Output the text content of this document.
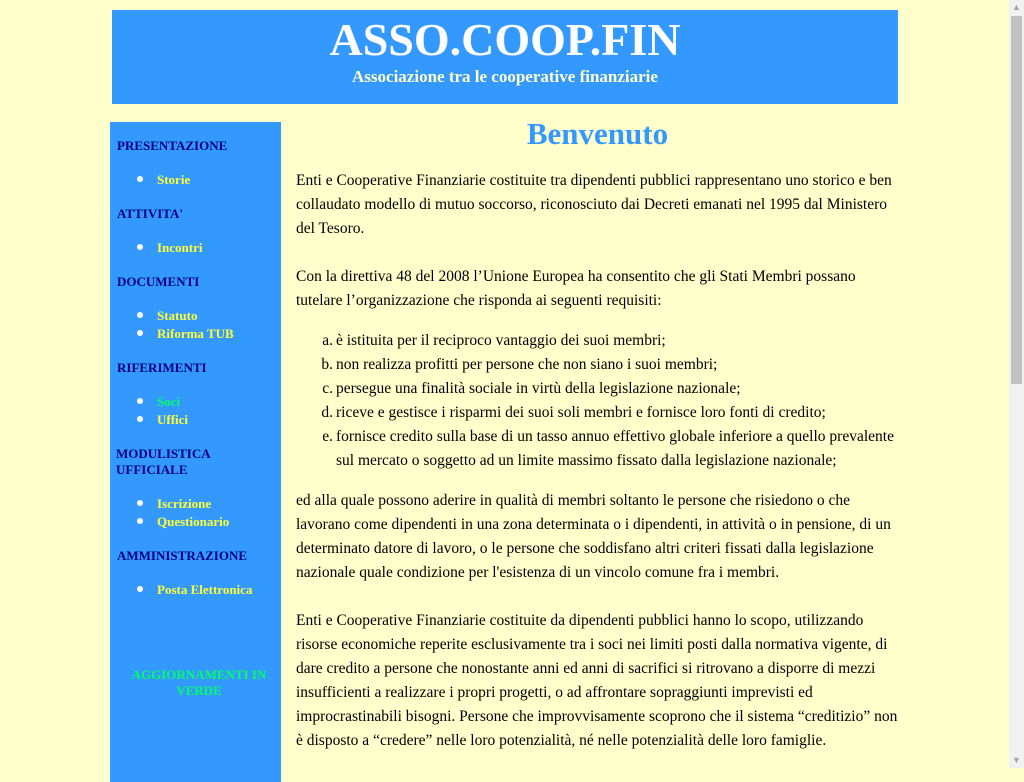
ASSO.COOP.FIN
Associazione tra le cooperative finanziarie
PRESENTAZIONE
Storie
ATTIVITA'
Incontri
DOCUMENTI
Statuto
Riforma TUB
RIFERIMENTI
Soci
Uffici
MODULISTICA UFFICIALE
Iscrizione
Questionario
AMMINISTRAZIONE
Posta Elettronica
AGGIORNAMENTI IN VERDE
Benvenuto

Enti e Cooperative Finanziarie costituite tra dipendenti pubblici rappresentano uno storico e ben collaudato modello di mutuo soccorso, riconosciuto dai Decreti emanati nel 1995 dal Ministero del Tesoro.

Con la direttiva 48 del 2008 l’Unione Europea ha consentito che gli Stati Membri possano tutelare l’organizzazione che risponda ai seguenti requisiti:

a. è istituita per il reciproco vantaggio dei suoi membri;
b. non realizza profitti per persone che non siano i suoi membri;
c. persegue una finalità sociale in virtù della legislazione nazionale;
d. riceve e gestisce i risparmi dei suoi soli membri e fornisce loro fonti di credito;
e. fornisce credito sulla base di un tasso annuo effettivo globale inferiore a quello prevalente sul mercato o soggetto ad un limite massimo fissato dalla legislazione nazionale;

ed alla quale possono aderire in qualità di membri soltanto le persone che risiedono o che lavorano come dipendenti in una zona determinata o i dipendenti, in attività o in pensione, di un determinato datore di lavoro, o le persone che soddisfano altri criteri fissati dalla legislazione nazionale quale condizione per l'esistenza di un vincolo comune fra i membri.

Enti e Cooperative Finanziarie costituite da dipendenti pubblici hanno lo scopo, utilizzando risorse economiche reperite esclusivamente tra i soci nei limiti posti dalla normativa vigente, di dare credito a persone che nonostante anni ed anni di sacrifici si ritrovano a disporre di mezzi insufficienti a realizzare i propri progetti, o ad affrontare sopraggiunti imprevisti ed improcrastinabili bisogni. Persone che improvvisamente scoprono che il sistema “creditizio” non è disposto a “credere” nelle loro potenzialità, né nelle potenzialità delle loro famiglie.

▲
▼
